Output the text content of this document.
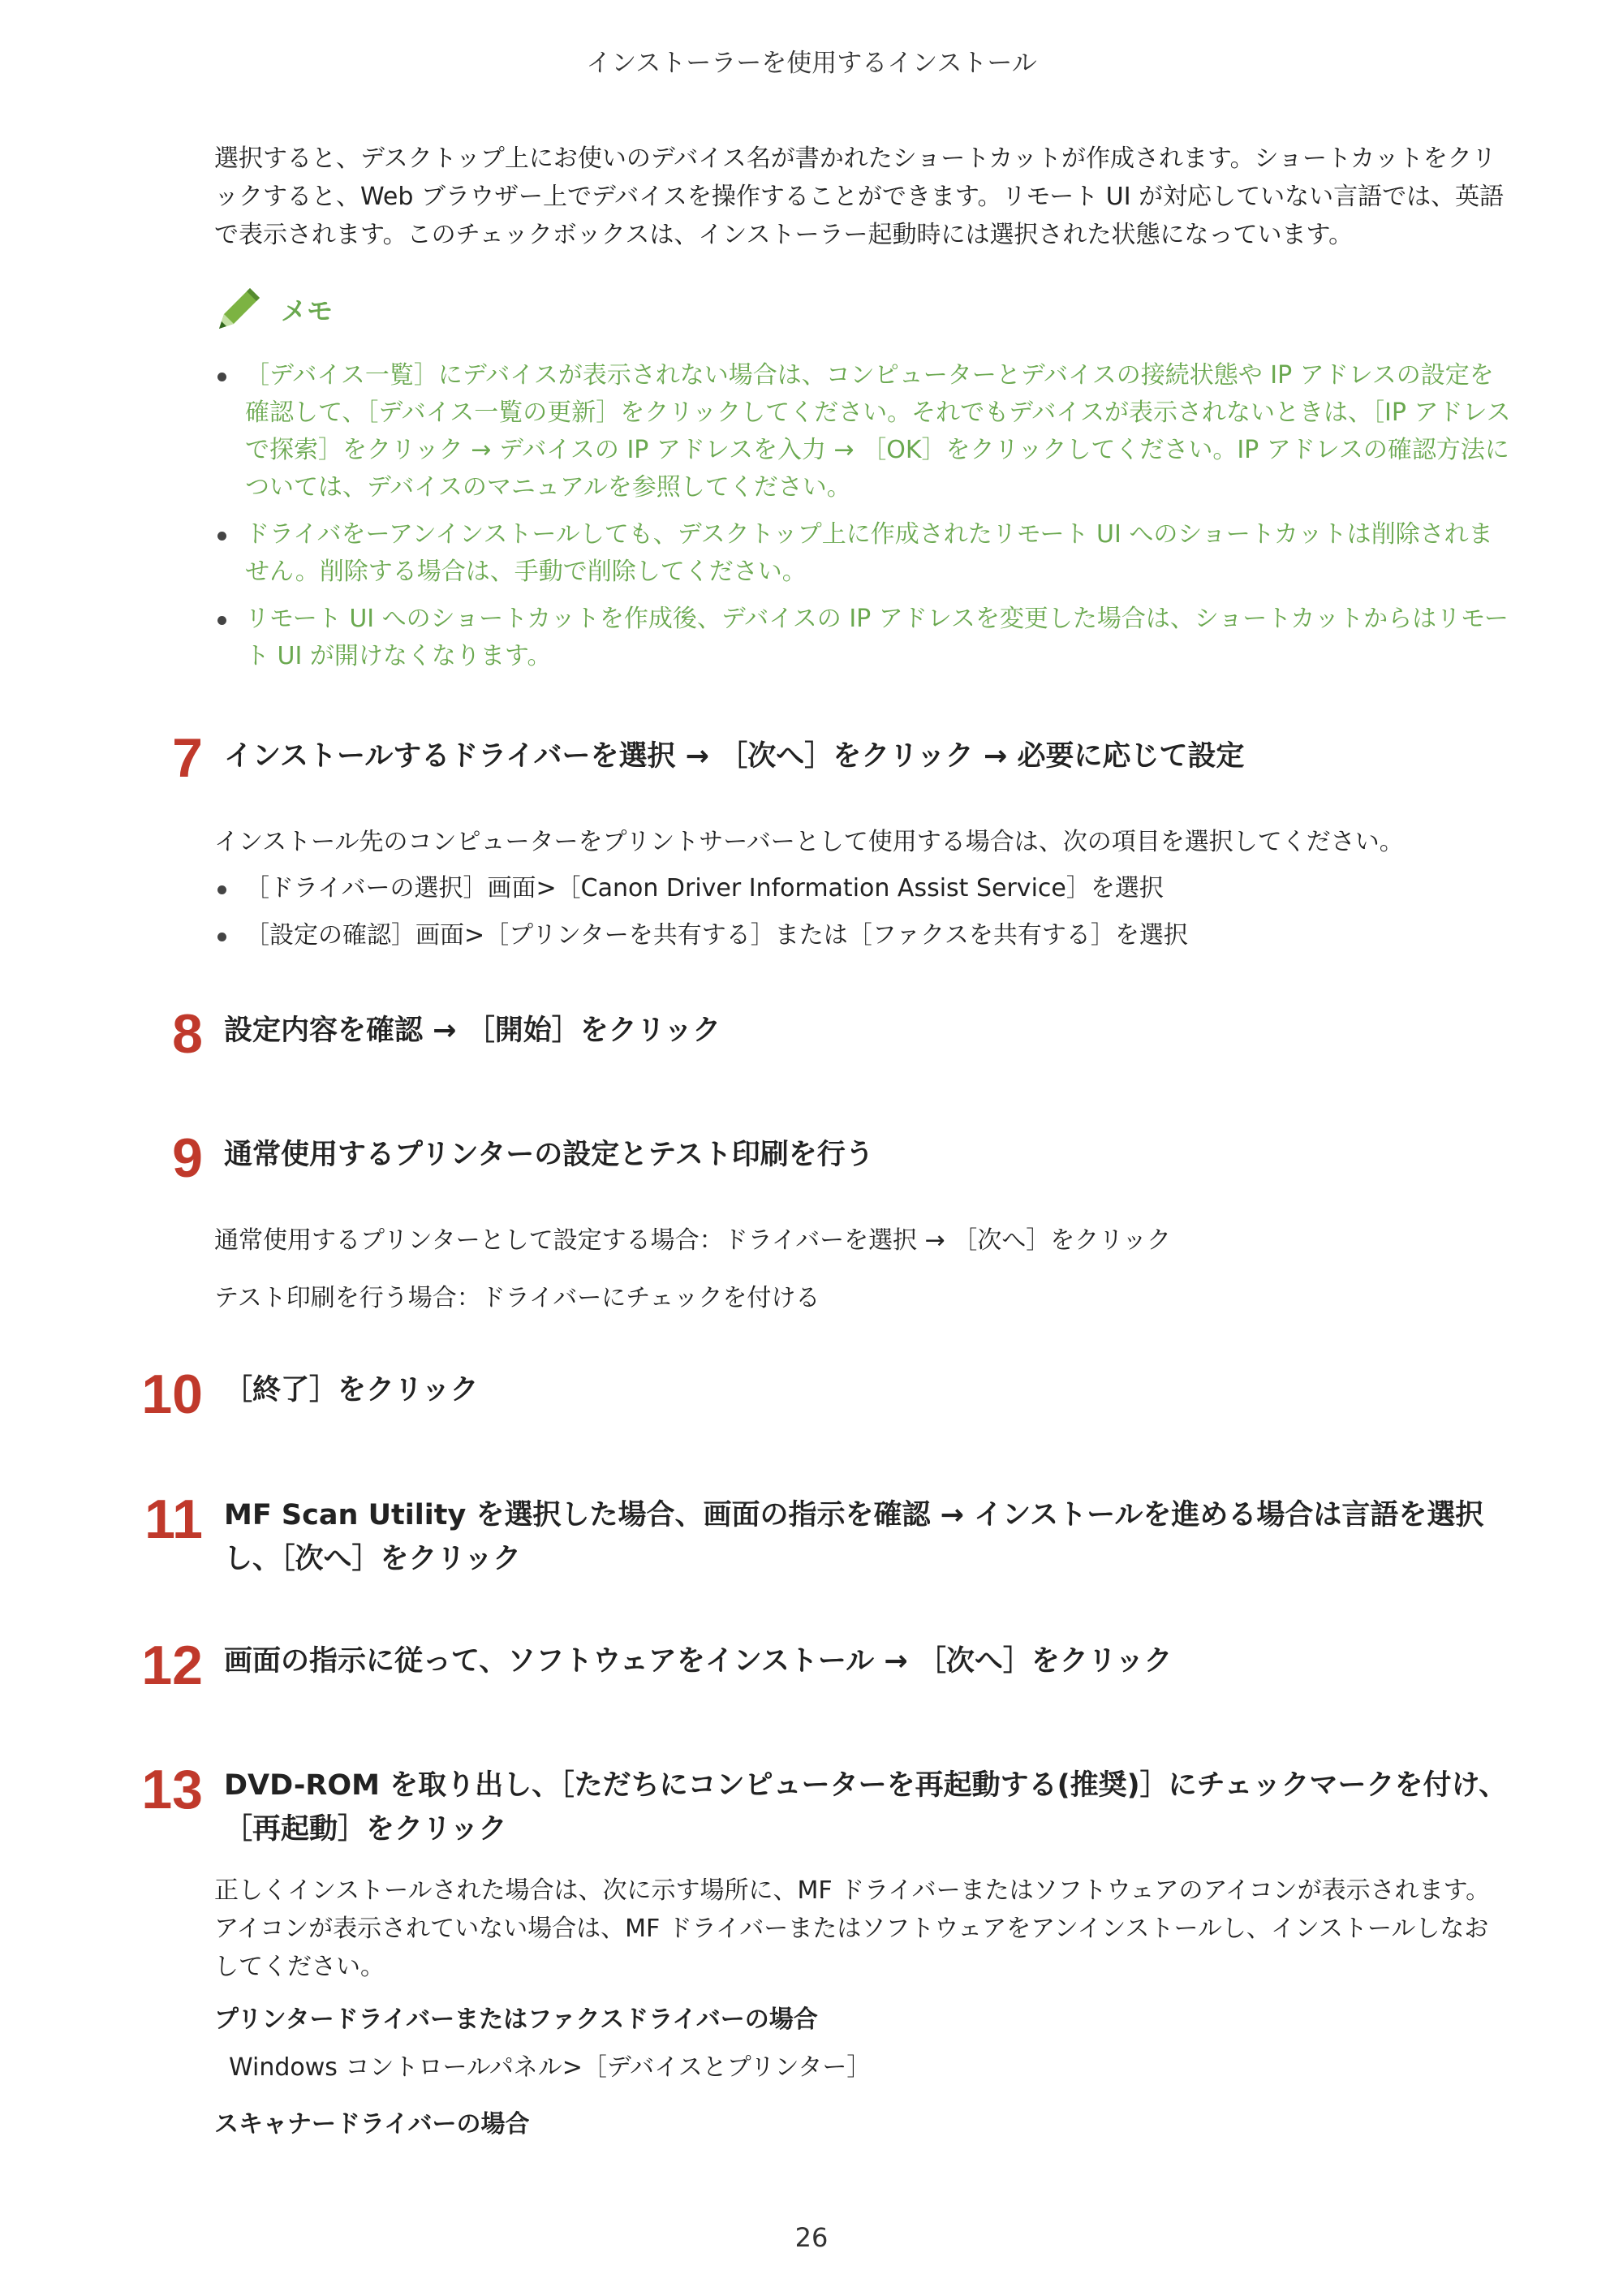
インストーラーを使用するインストール

選択すると、デスクトップ上にお使いのデバイス名が書かれたショートカットが作成されます。ショートカットをクリックすると、Web ブラウザー上でデバイスを操作することができます。リモート UI が対応していない言語では、英語で表示されます。このチェックボックスは、インストーラー起動時には選択された状態になっています。

メモ
［デバイス一覧］にデバイスが表示されない場合は、コンピューターとデバイスの接続状態や IP アドレスの設定を確認して、［デバイス一覧の更新］をクリックしてください。それでもデバイスが表示されないときは、［IP アドレスで探索］をクリック → デバイスの IP アドレスを入力 → ［OK］をクリックしてください。IP アドレスの確認方法については、デバイスのマニュアルを参照してください。
ドライバをーアンインストールしても、デスクトップ上に作成されたリモート UI へのショートカットは削除されません。削除する場合は、手動で削除してください。
リモート UI へのショートカットを作成後、デバイスの IP アドレスを変更した場合は、ショートカットからはリモート UI が開けなくなります。
7 インストールするドライバーを選択 → ［次へ］をクリック → 必要に応じて設定

インストール先のコンピューターをプリントサーバーとして使用する場合は、次の項目を選択してください。

［ドライバーの選択］画面>［Canon Driver Information Assist Service］を選択
［設定の確認］画面>［プリンターを共有する］または［ファクスを共有する］を選択
8 設定内容を確認 → ［開始］をクリック
9 通常使用するプリンターの設定とテスト印刷を行う

通常使用するプリンターとして設定する場合：ドライバーを選択 → ［次へ］をクリック

テスト印刷を行う場合：ドライバーにチェックを付ける

10 ［終了］をクリック
11 MF Scan Utility を選択した場合、画面の指示を確認 → インストールを進める場合は言語を選択し、［次へ］をクリック
12 画面の指示に従って、ソフトウェアをインストール → ［次へ］をクリック
13 DVD-ROM を取り出し、［ただちにコンピューターを再起動する(推奨)］にチェックマークを付け、［再起動］をクリック

正しくインストールされた場合は、次に示す場所に、MF ドライバーまたはソフトウェアのアイコンが表示されます。アイコンが表示されていない場合は、MF ドライバーまたはソフトウェアをアンインストールし、インストールしなおしてください。

プリンタードライバーまたはファクスドライバーの場合

Windows コントロールパネル>［デバイスとプリンター］

スキャナードライバーの場合
26
